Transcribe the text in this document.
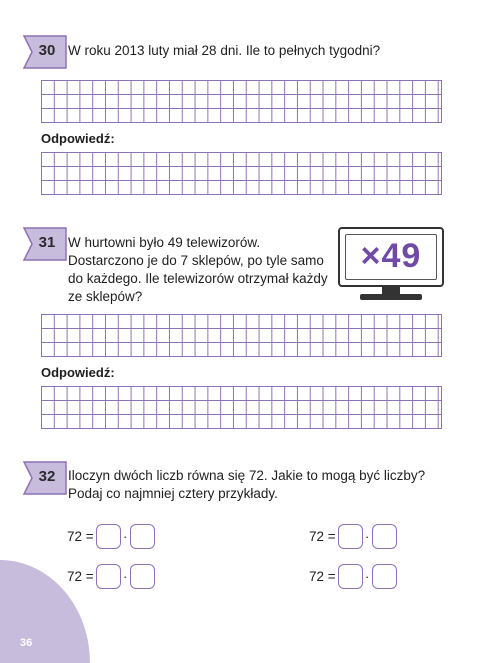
36
30 W roku 2013 luty miał 28 dni. Ile to pełnych tygodni?

Odpowiedź:
31 W hurtowni było 49 telewizorów.
Dostarczono je do 7 sklepów, po tyle samo
do każdego. Ile telewizorów otrzymał każdy
ze sklepów?
×49
Odpowiedź:
32 Iloczyn dwóch liczb równa się 72. Jakie to mogą być liczby?
Podaj co najmniej cztery przykłady.
72 = ·
72 = ·
72 = ·
72 = ·
